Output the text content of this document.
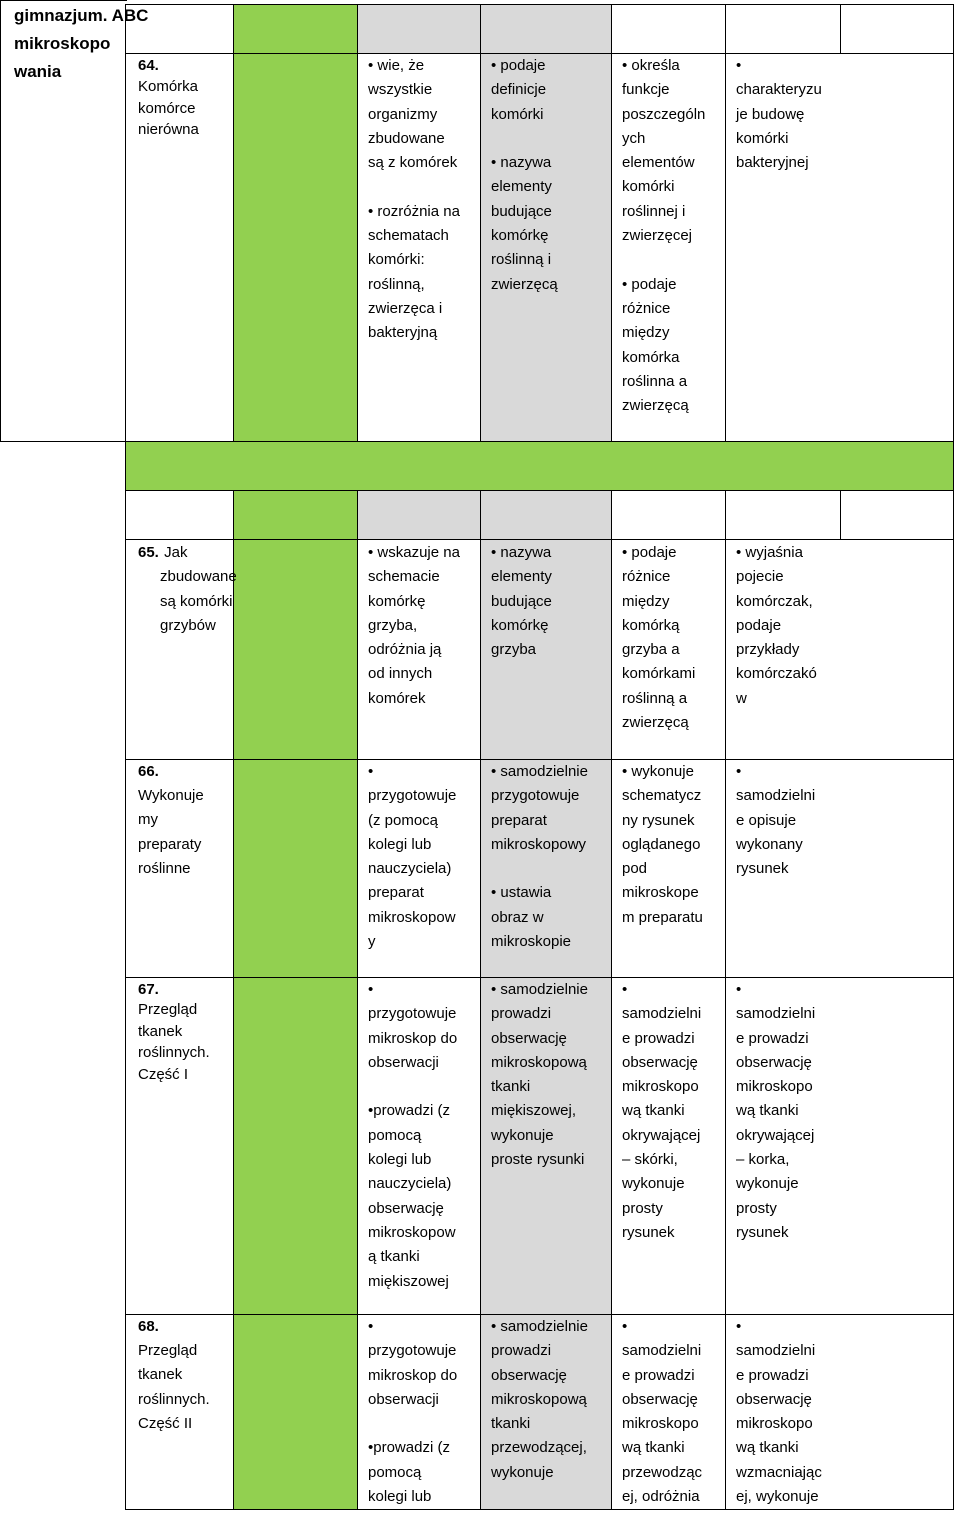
gimnazjum. ABC
mikroskopo
wania	64.
Komórka
komórce
nierówna
• wie, że
wszystkie
organizmy
zbudowane
są z komórek

• rozróżnia na
schematach
komórki:
roślinną,
zwierzęca i
bakteryjną
• podaje
definicje
komórki

• nazywa
elementy
budujące
komórkę
roślinną i
zwierzęcą
• określa
funkcje
poszczególn
ych
elementów
komórki
roślinnej i
zwierzęcej

• podaje
różnice
między
komórka
roślinna a
zwierzęcą
•
charakteryzu
je budowę
komórki
bakteryjnej
65. Jak
zbudowane
są komórki
grzybów
• wskazuje na
schemacie
komórkę
grzyba,
odróżnia ją
od innych
komórek
• nazywa
elementy
budujące
komórkę
grzyba
• podaje
różnice
między
komórką
grzyba a
komórkami
roślinną a
zwierzęcą
• wyjaśnia
pojecie
komórczak,
podaje
przykłady
komórczakó
w
66.
Wykonuje
my
preparaty
roślinne
•
przygotowuje
(z pomocą
kolegi lub
nauczyciela)
preparat
mikroskopow
y
• samodzielnie
przygotowuje
preparat
mikroskopowy

• ustawia
obraz w
mikroskopie
• wykonuje
schematycz
ny rysunek
oglądanego
pod
mikroskope
m preparatu
•
samodzielni
e opisuje
wykonany
rysunek
67.
Przegląd
tkanek
roślinnych.
Część I
•
przygotowuje
mikroskop do
obserwacji

•prowadzi (z
pomocą
kolegi lub
nauczyciela)
obserwację
mikroskopow
ą tkanki
miękiszowej
• samodzielnie
prowadzi
obserwację
mikroskopową
tkanki
miękiszowej,
wykonuje
proste rysunki
•
samodzielni
e prowadzi
obserwację
mikroskopo
wą tkanki
okrywającej
– skórki,
wykonuje
prosty
rysunek
•
samodzielni
e prowadzi
obserwację
mikroskopo
wą tkanki
okrywającej
– korka,
wykonuje
prosty
rysunek
68.
Przegląd
tkanek
roślinnych.
Część II
•
przygotowuje
mikroskop do
obserwacji

•prowadzi (z
pomocą
kolegi lub
• samodzielnie
prowadzi
obserwację
mikroskopową
tkanki
przewodzącej,
wykonuje
•
samodzielni
e prowadzi
obserwację
mikroskopo
wą tkanki
przewodząc
ej, odróżnia
•
samodzielni
e prowadzi
obserwację
mikroskopo
wą tkanki
wzmacniając
ej, wykonuje
